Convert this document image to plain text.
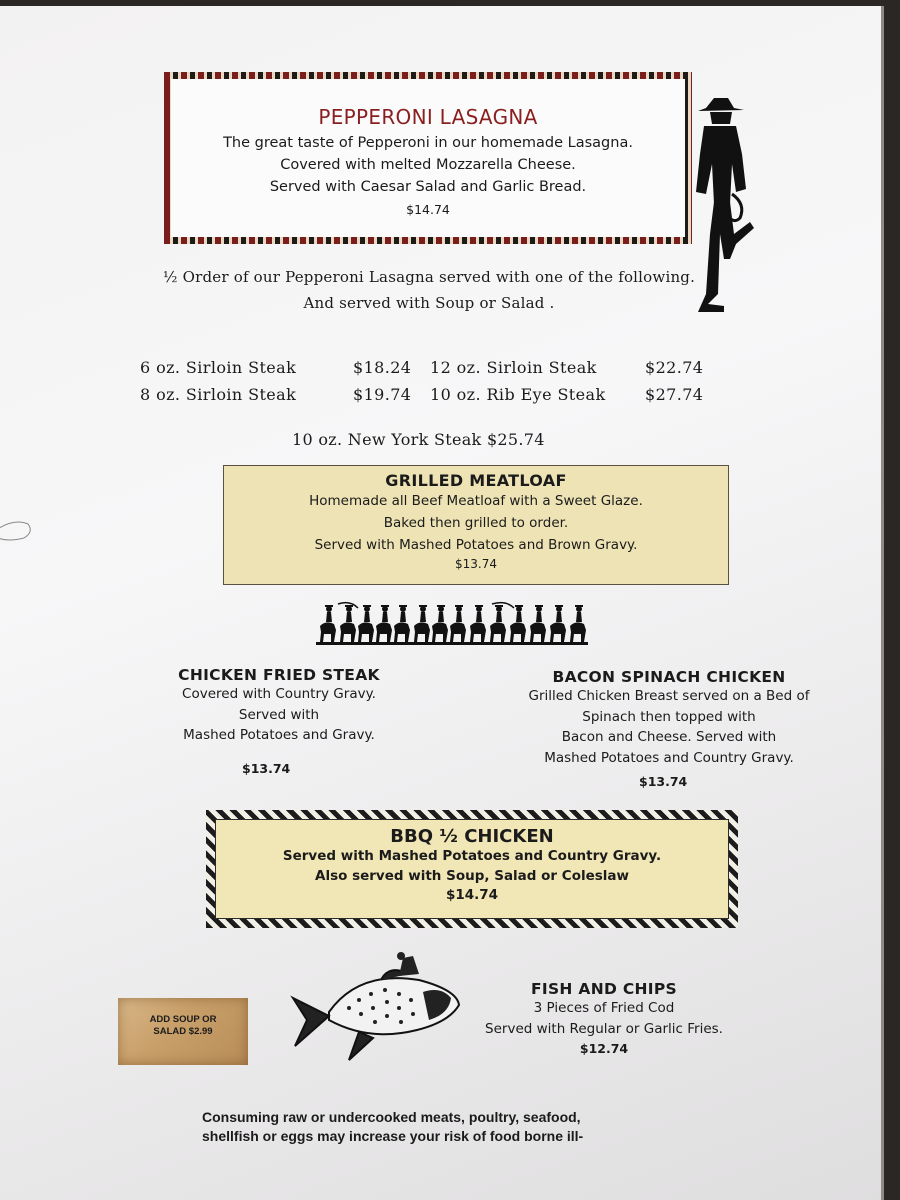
PEPPERONI LASAGNA
The great taste of Pepperoni in our homemade Lasagna.
Covered with melted Mozzarella Cheese.
Served with Caesar Salad and Garlic Bread.
$14.74
½ Order of our Pepperoni Lasagna served with one of the following.
And served with Soup or Salad .
6 oz. Sirloin Steak	$18.24 12 oz. Sirloin Steak	$22.74
8 oz. Sirloin Steak	$19.74 10 oz. Rib Eye Steak $27.74
10 oz. New York Steak $25.74
GRILLED MEATLOAF
Homemade all Beef Meatloaf with a Sweet Glaze.
Baked then grilled to order.
Served with Mashed Potatoes and Brown Gravy.
$13.74
CHICKEN FRIED STEAK
Covered with Country Gravy.
Served with
Mashed Potatoes and Gravy.
$13.74
BACON SPINACH CHICKEN
Grilled Chicken Breast served on a Bed of
Spinach then topped with
Bacon and Cheese. Served with
Mashed Potatoes and Country Gravy.
$13.74
BBQ ½ CHICKEN
Served with Mashed Potatoes and Country Gravy.
Also served with Soup, Salad or Coleslaw
$14.74
ADD SOUP OR
SALAD $2.99
FISH AND CHIPS
3 Pieces of Fried Cod
Served with Regular or Garlic Fries.
$12.74
Consuming raw or undercooked meats, poultry, seafood,
shellfish or eggs may increase your risk of food borne ill-
